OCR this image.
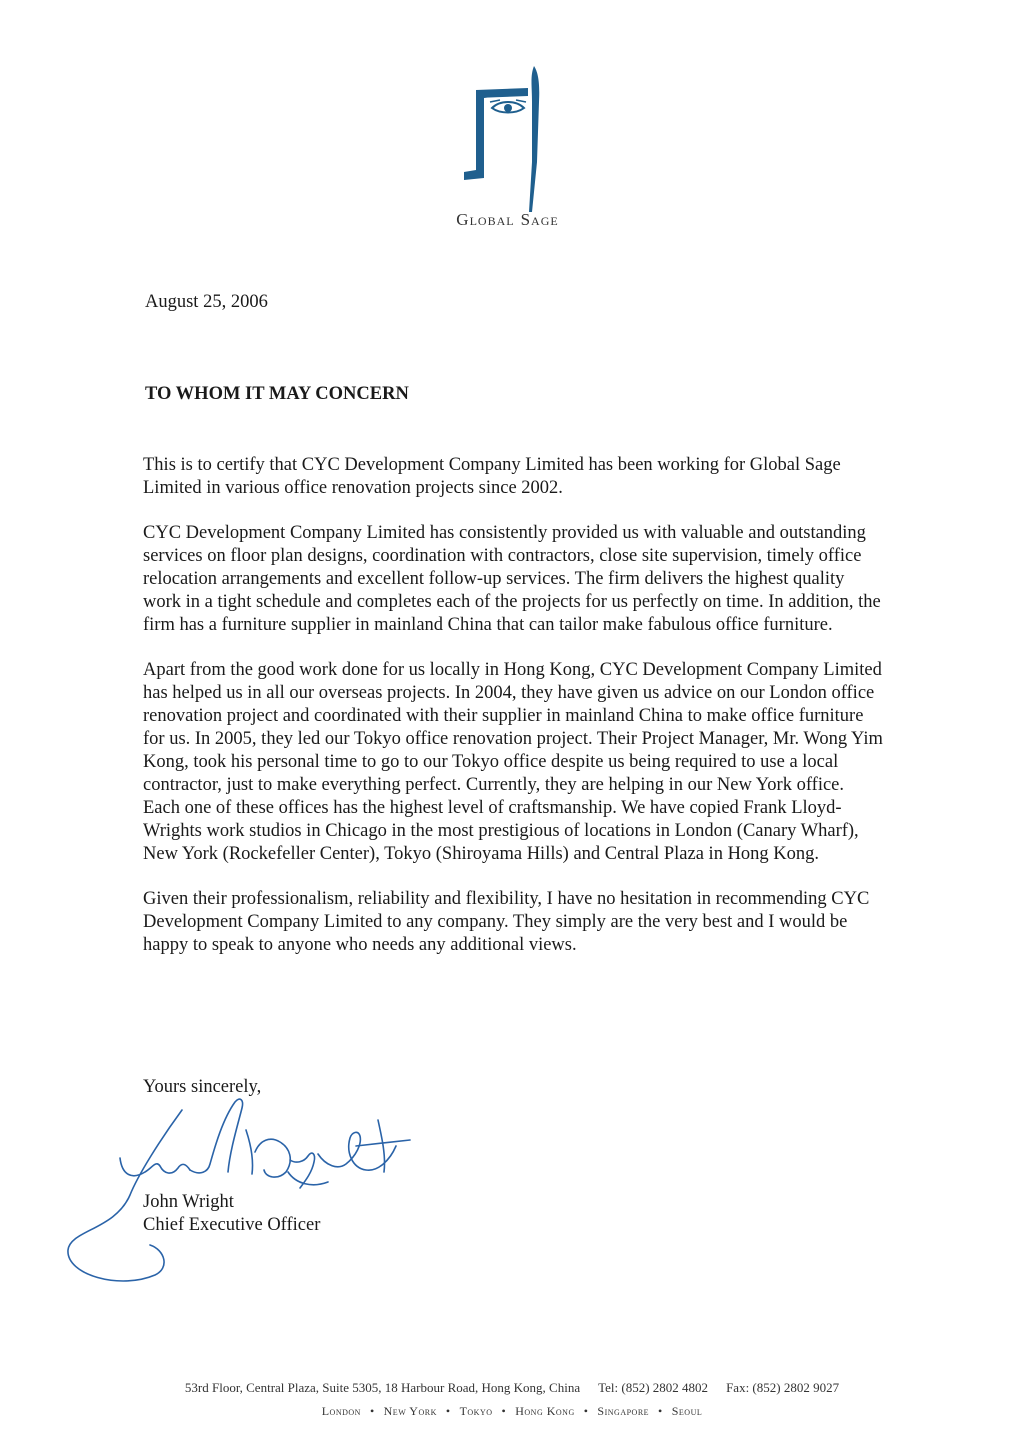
Global Sage
August 25, 2006
TO WHOM IT MAY CONCERN

This is to certify that CYC Development Company Limited has been working for Global Sage Limited in various office renovation projects since 2002.

CYC Development Company Limited has consistently provided us with valuable and outstanding services on floor plan designs, coordination with contractors, close site supervision, timely office relocation arrangements and excellent follow-up services. The firm delivers the highest quality work in a tight schedule and completes each of the projects for us perfectly on time. In addition, the firm has a furniture supplier in mainland China that can tailor make fabulous office furniture.

Apart from the good work done for us locally in Hong Kong, CYC Development Company Limited has helped us in all our overseas projects. In 2004, they have given us advice on our London office renovation project and coordinated with their supplier in mainland China to make office furniture for us. In 2005, they led our Tokyo office renovation project. Their Project Manager, Mr. Wong Yim Kong, took his personal time to go to our Tokyo office despite us being required to use a local contractor, just to make everything perfect. Currently, they are helping in our New York office. Each one of these offices has the highest level of craftsmanship. We have copied Frank Lloyd-Wrights work studios in Chicago in the most prestigious of locations in London (Canary Wharf), New York (Rockefeller Center), Tokyo (Shiroyama Hills) and Central Plaza in Hong Kong.

Given their professionalism, reliability and flexibility, I have no hesitation in recommending CYC Development Company Limited to any company. They simply are the very best and I would be happy to speak to anyone who needs any additional views.

Yours sincerely,
John Wright
Chief Executive Officer
53rd Floor, Central Plaza, Suite 5305, 18 Harbour Road, Hong Kong, China Tel: (852) 2802 4802 Fax: (852) 2802 9027
London • New York • Tokyo • Hong Kong • Singapore • Seoul
